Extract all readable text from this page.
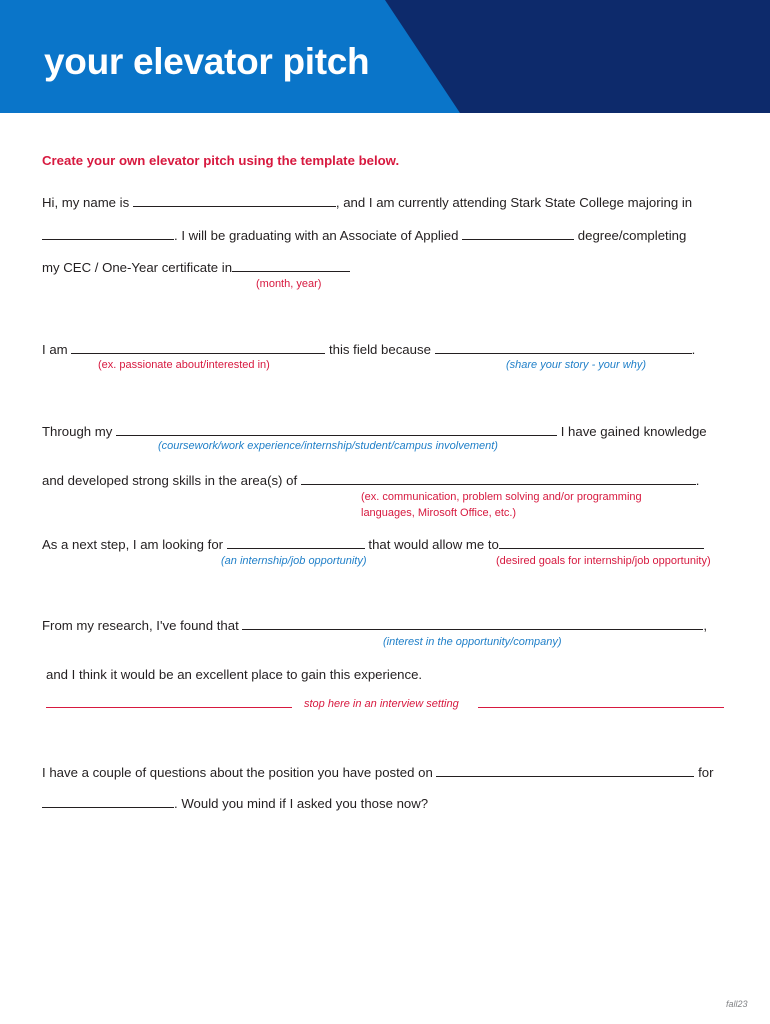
your elevator pitch
Create your own elevator pitch using the template below.
Hi, my name is	, and I am currently attending Stark State College majoring in
. I will be graduating with an Associate of Applied	degree/completing
my CEC / One-Year certificate in
(month, year)
I am	this field because	.
(ex. passionate about/interested in)	(share your story - your why)
Through my	I have gained knowledge
(coursework/work experience/internship/student/campus involvement)
and developed strong skills in the area(s) of	.
(ex. communication, problem solving and/or programming languages, Mirosoft Office, etc.)
As a next step, I am looking for	that would allow me to
(an internship/job opportunity)	(desired goals for internship/job opportunity)
From my research, I've found that	,
(interest in the opportunity/company)
and I think it would be an excellent place to gain this experience.
stop here in an interview setting
I have a couple of questions about the position you have posted on	for
. Would you mind if I asked you those now?
fall23
